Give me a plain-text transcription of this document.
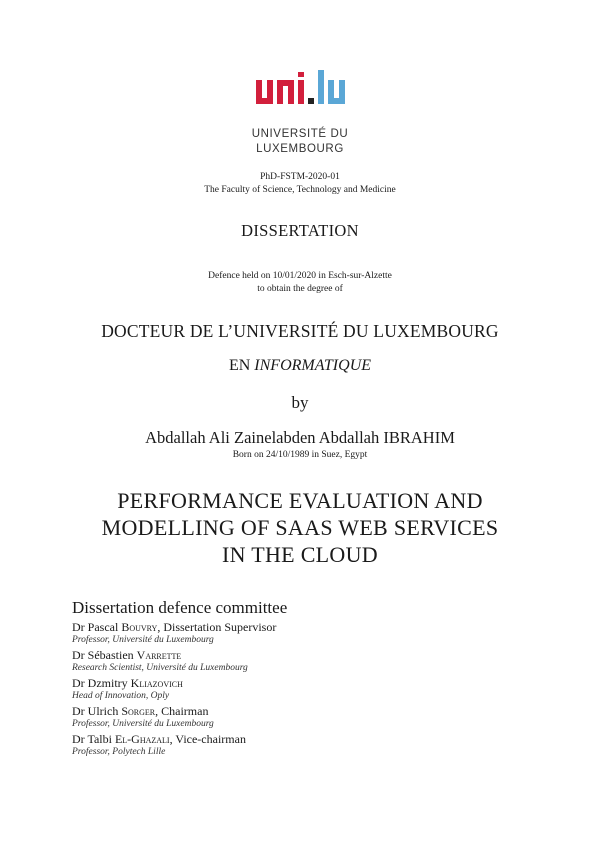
UNIVERSITÉ DU
LUXEMBOURG
PhD-FSTM-2020-01
The Faculty of Science, Technology and Medicine
DISSERTATION
Defence held on 10/01/2020 in Esch-sur-Alzette
to obtain the degree of
DOCTEUR DE L’UNIVERSITÉ DU LUXEMBOURG
EN INFORMATIQUE
by
Abdallah Ali Zainelabden Abdallah IBRAHIM
Born on 24/10/1989 in Suez, Egypt
PERFORMANCE EVALUATION AND
MODELLING OF SAAS WEB SERVICES
IN THE CLOUD
Dissertation defence committee
Dr Pascal Bouvry, Dissertation Supervisor
Professor, Université du Luxembourg
Dr Sébastien Varrette
Research Scientist, Université du Luxembourg
Dr Dzmitry Kliazovich
Head of Innovation, Oply
Dr Ulrich Sorger, Chairman
Professor, Université du Luxembourg
Dr Talbi El-Ghazali, Vice-chairman
Professor, Polytech Lille
